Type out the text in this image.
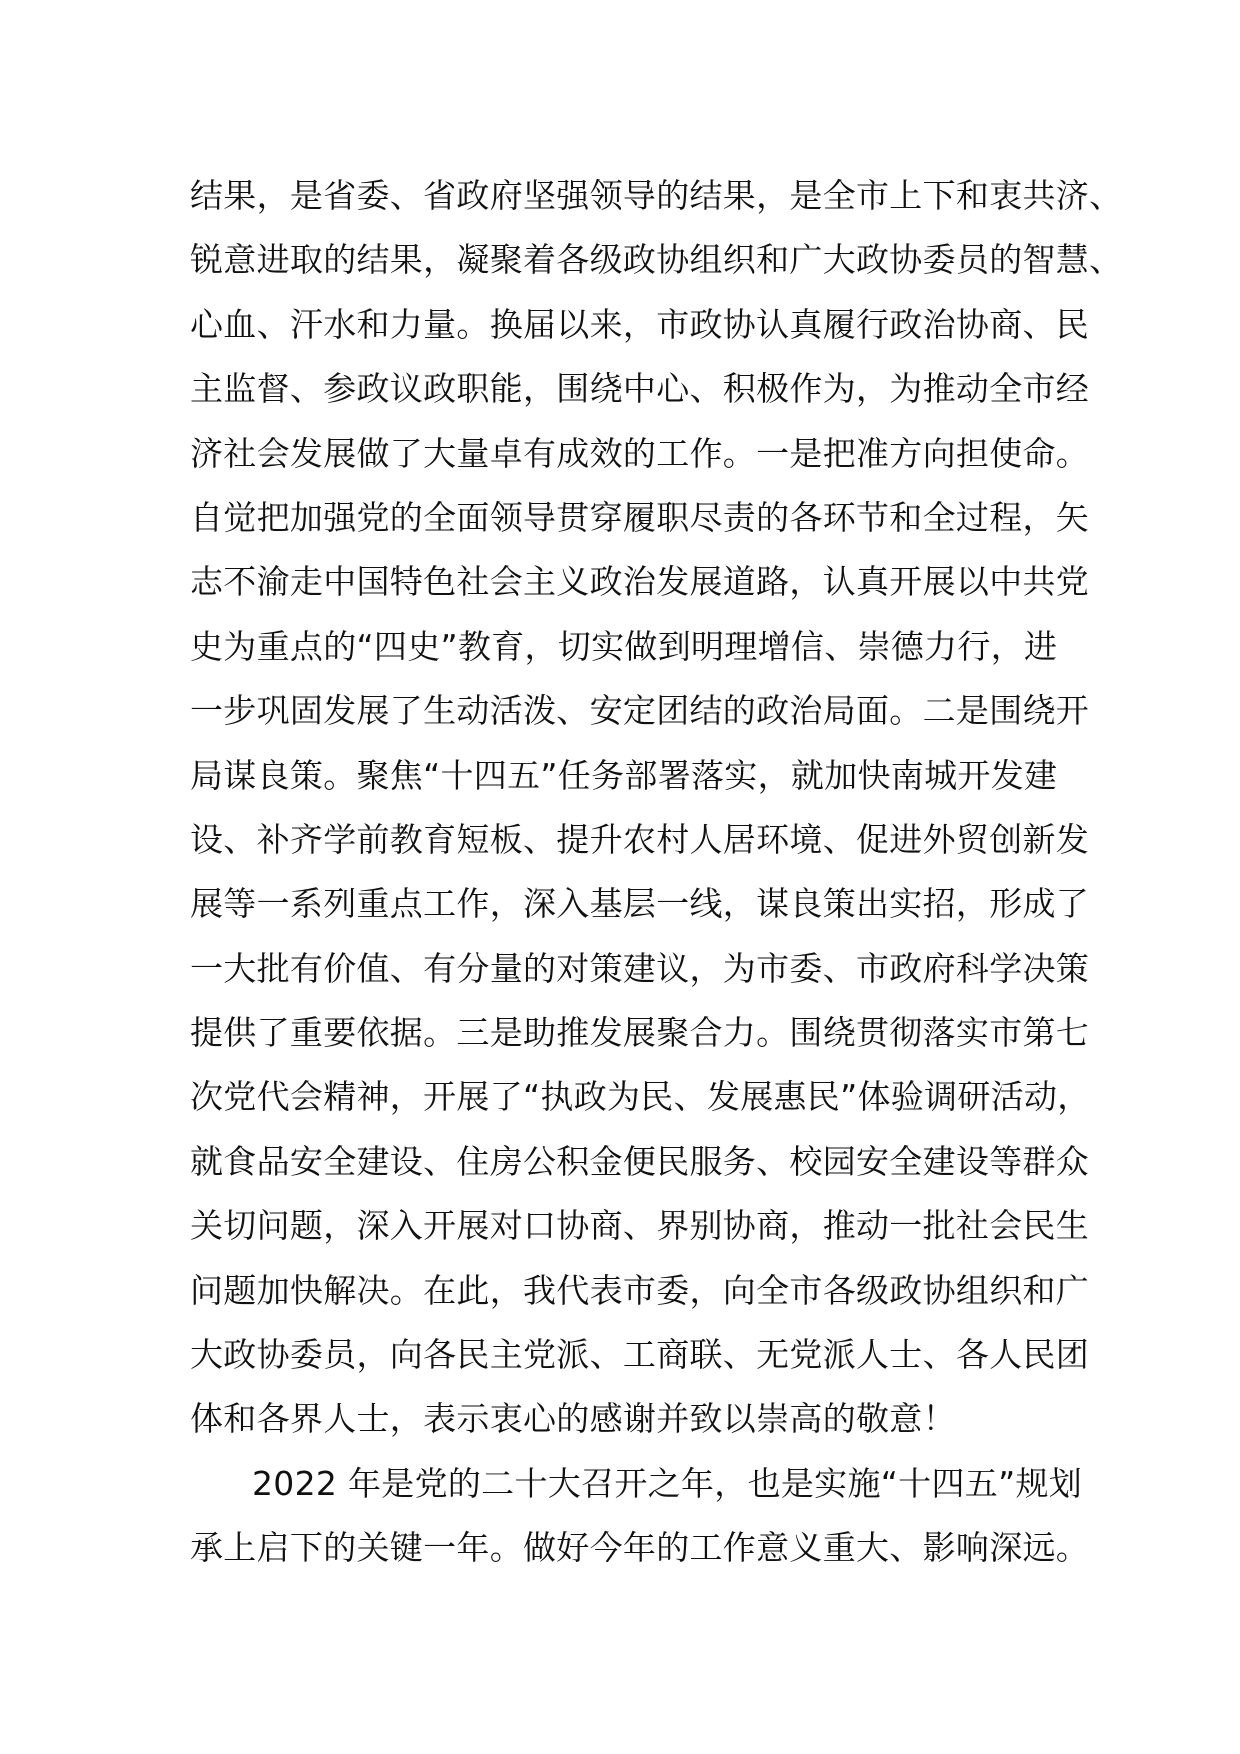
结果，是省委、省政府坚强领导的结果，是全市上下和衷共济、
锐意进取的结果，凝聚着各级政协组织和广大政协委员的智慧、
心血、汗水和力量。换届以来，市政协认真履行政治协商、民
主监督、参政议政职能，围绕中心、积极作为，为推动全市经
济社会发展做了大量卓有成效的工作。一是把准方向担使命。
自觉把加强党的全面领导贯穿履职尽责的各环节和全过程，矢
志不渝走中国特色社会主义政治发展道路，认真开展以中共党
史为重点的“四史”教育，切实做到明理增信、崇德力行，进
一步巩固发展了生动活泼、安定团结的政治局面。二是围绕开
局谋良策。聚焦“十四五”任务部署落实，就加快南城开发建
设、补齐学前教育短板、提升农村人居环境、促进外贸创新发
展等一系列重点工作，深入基层一线，谋良策出实招，形成了
一大批有价值、有分量的对策建议，为市委、市政府科学决策
提供了重要依据。三是助推发展聚合力。围绕贯彻落实市第七
次党代会精神，开展了“执政为民、发展惠民”体验调研活动，
就食品安全建设、住房公积金便民服务、校园安全建设等群众
关切问题，深入开展对口协商、界别协商，推动一批社会民生
问题加快解决。在此，我代表市委，向全市各级政协组织和广
大政协委员，向各民主党派、工商联、无党派人士、各人民团
体和各界人士，表示衷心的感谢并致以崇高的敬意！
2022 年是党的二十大召开之年，也是实施“十四五”规划
承上启下的关键一年。做好今年的工作意义重大、影响深远。
